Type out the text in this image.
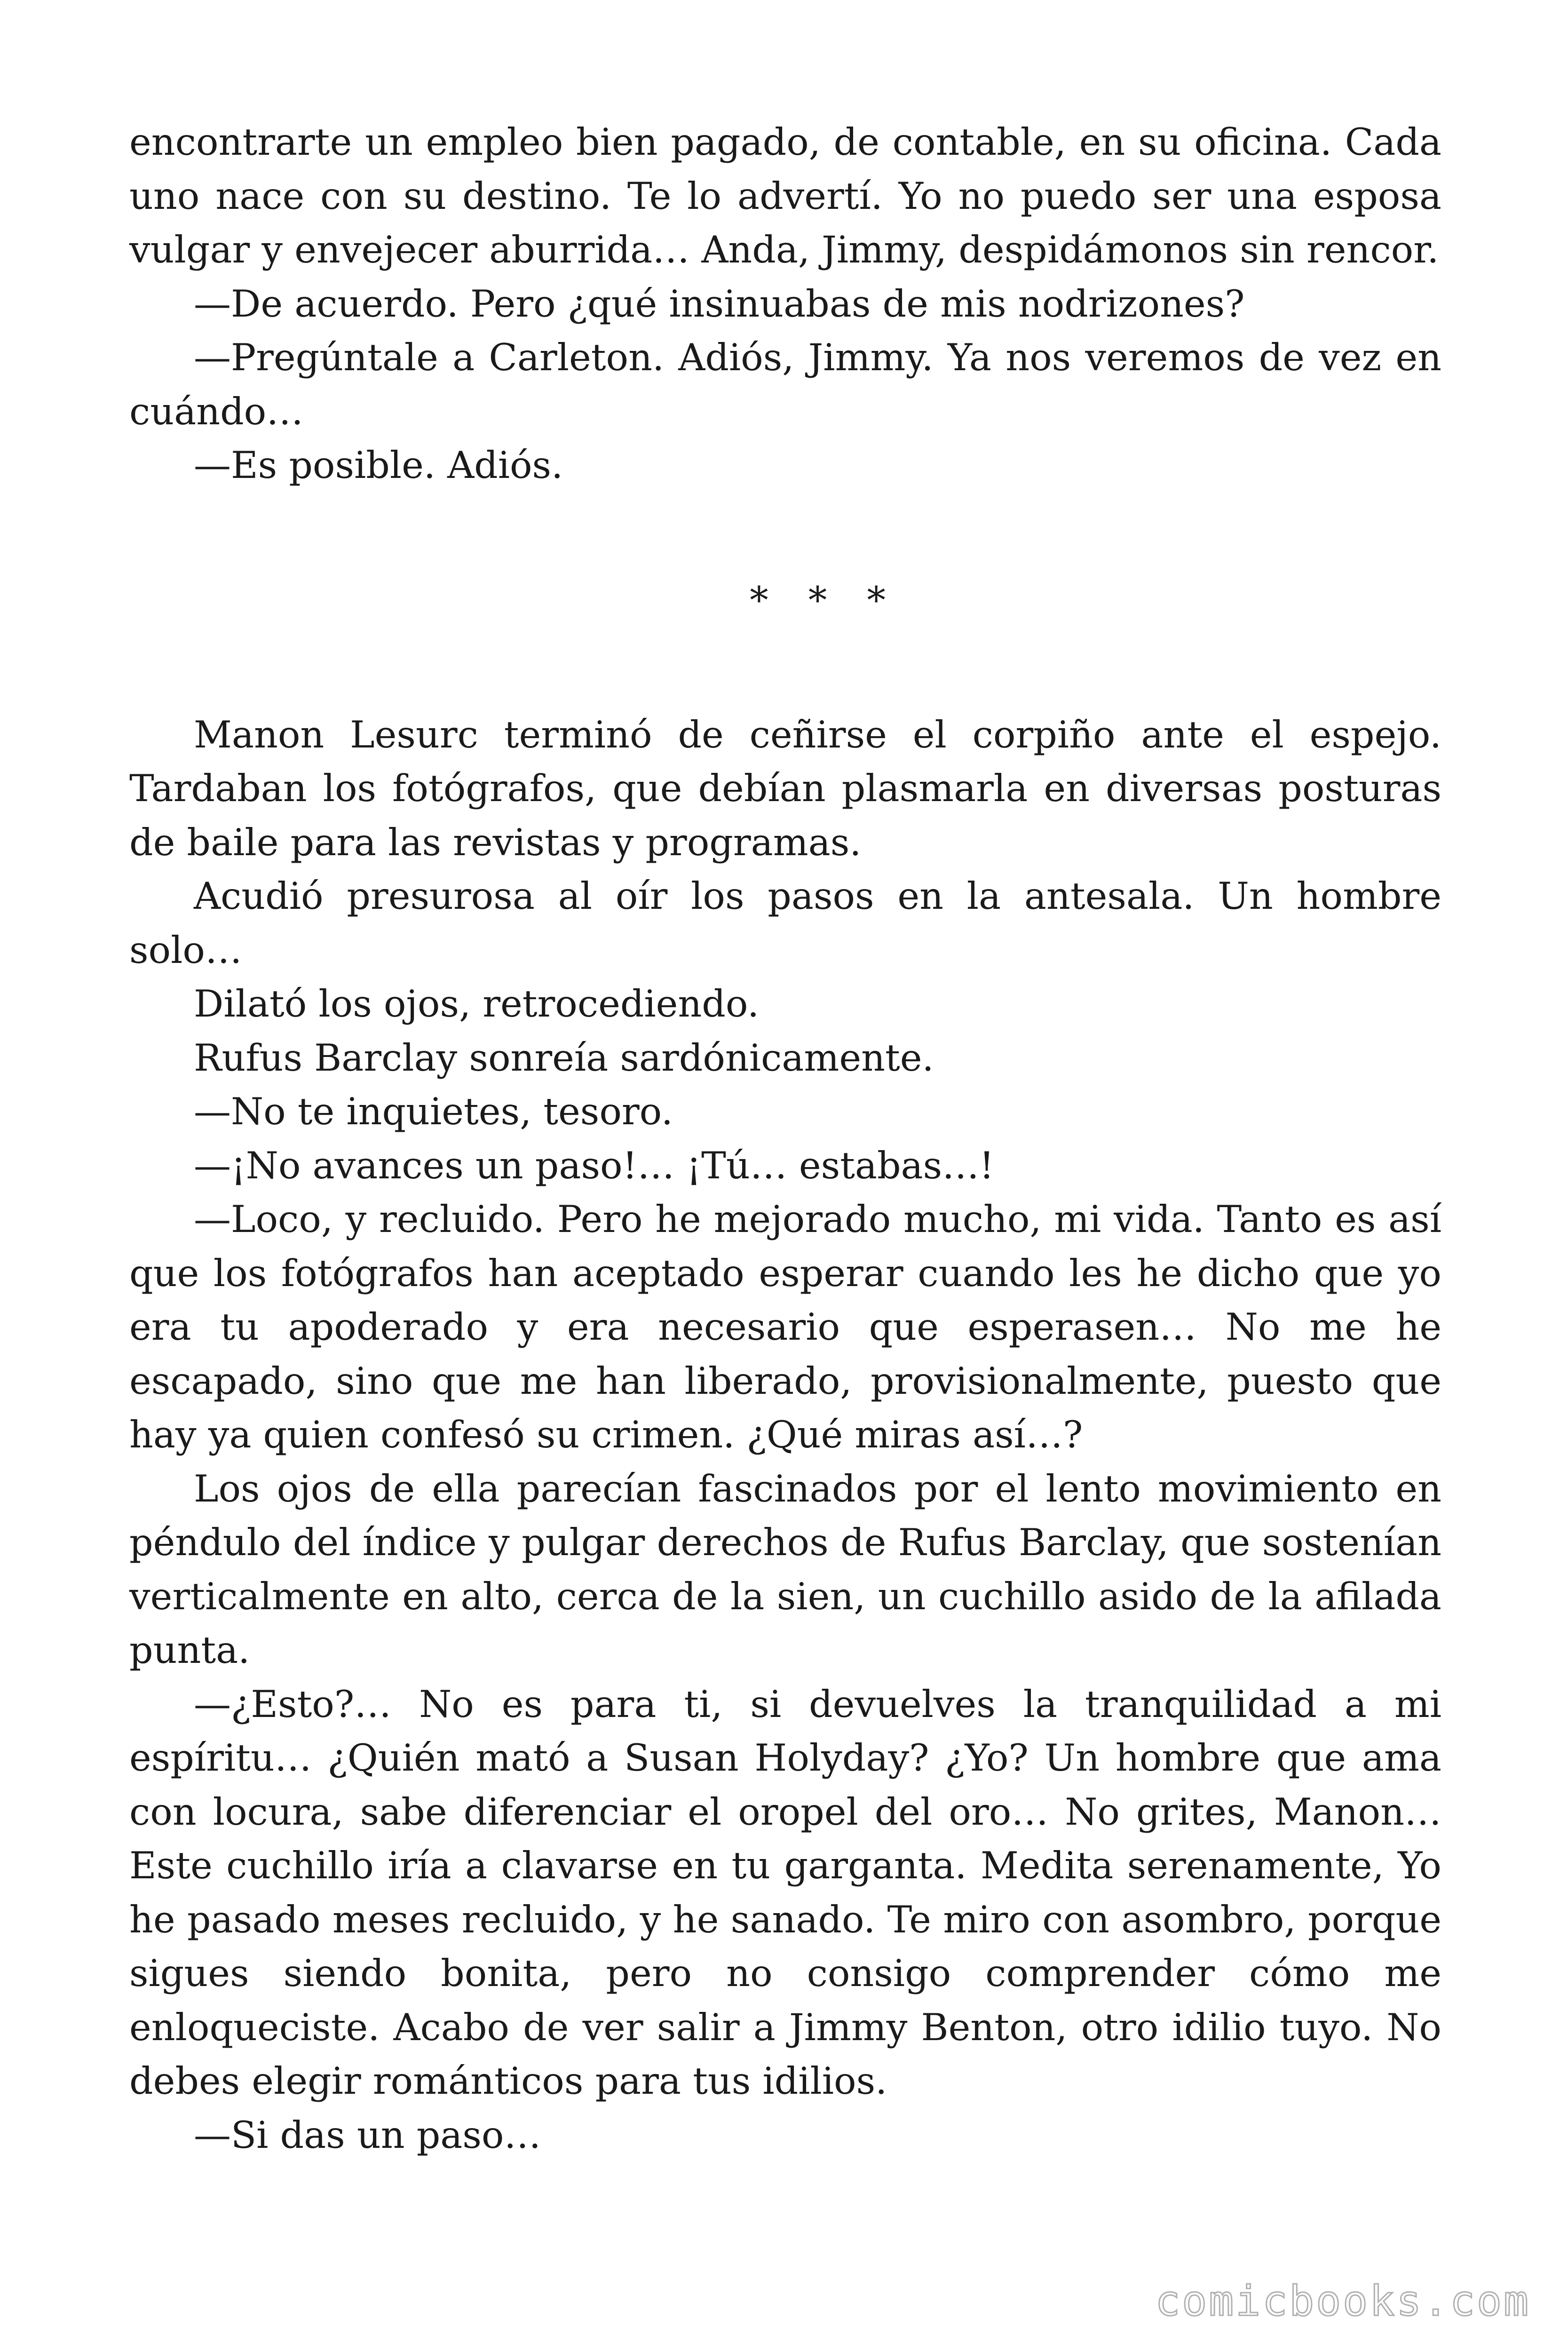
encontrarte un empleo bien pagado, de contable, en su oficina. Cada uno nace con su destino. Te lo advertí. Yo no puedo ser una esposa vulgar y envejecer aburrida… Anda, Jimmy, despidámonos sin rencor.

—De acuerdo. Pero ¿qué insinuabas de mis nodrizones?

—Pregúntale a Carleton. Adiós, Jimmy. Ya nos veremos de vez en cuándo…

—Es posible. Adiós.

* * *

Manon Lesurc terminó de ceñirse el corpiño ante el espejo. Tardaban los fotógrafos, que debían plasmarla en diversas posturas de baile para las revistas y programas.

Acudió presurosa al oír los pasos en la antesala. Un hombre solo…

Dilató los ojos, retrocediendo.

Rufus Barclay sonreía sardónicamente.

—No te inquietes, tesoro.

—¡No avances un paso!… ¡Tú… estabas…!

—Loco, y recluido. Pero he mejorado mucho, mi vida. Tanto es así que los fotógrafos han aceptado esperar cuando les he dicho que yo era tu apoderado y era necesario que esperasen… No me he escapado, sino que me han liberado, provisionalmente, puesto que hay ya quien confesó su crimen. ¿Qué miras así…?

Los ojos de ella parecían fascinados por el lento movimiento en péndulo del índice y pulgar derechos de Rufus Barclay, que sostenían verticalmente en alto, cerca de la sien, un cuchillo asido de la afilada punta.

—¿Esto?… No es para ti, si devuelves la tranquilidad a mi espíritu… ¿Quién mató a Susan Holyday? ¿Yo? Un hombre que ama con locura, sabe diferenciar el oropel del oro… No grites, Manon… Este cuchillo iría a clavarse en tu garganta. Medita serenamente, Yo he pasado meses recluido, y he sanado. Te miro con asombro, porque sigues siendo bonita, pero no consigo comprender cómo me enloqueciste. Acabo de ver salir a Jimmy Benton, otro idilio tuyo. No debes elegir románticos para tus idilios.

—Si das un paso…

comicbooks.com
